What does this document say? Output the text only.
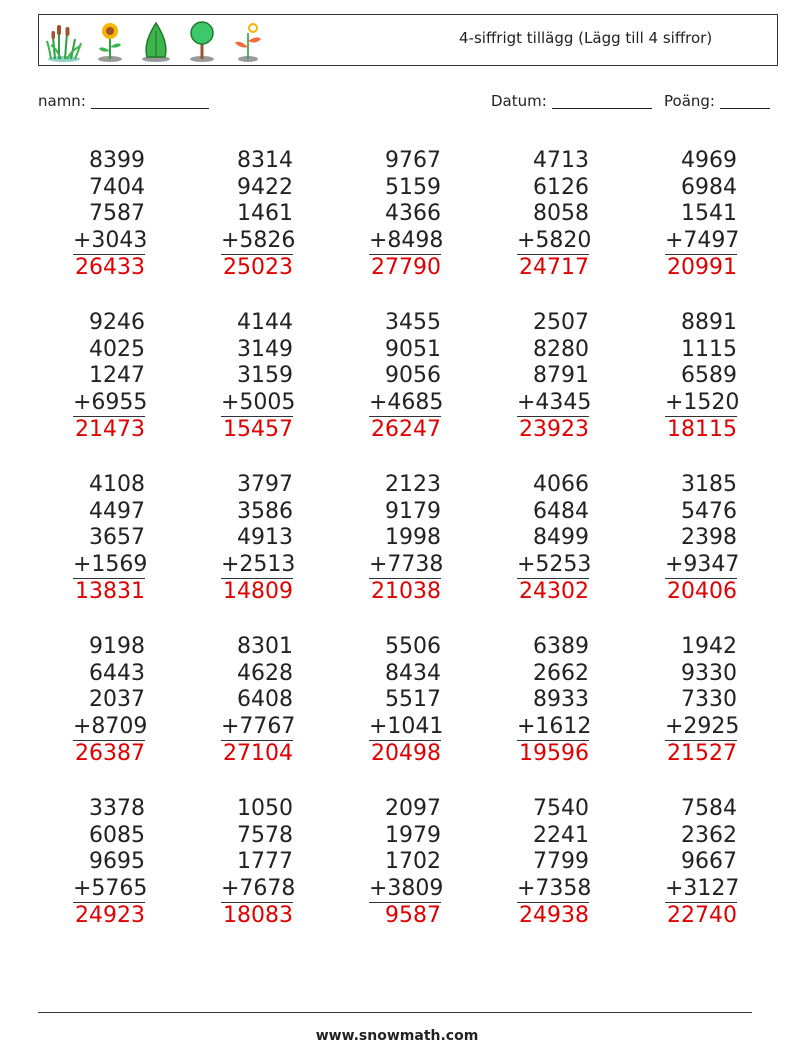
4-siffrigt tillägg (Lägg till 4 siffror)
namn:	Datum:	Poäng:
8399
7404
7587
+3043
26433
8314
9422
1461
+5826
25023
9767
5159
4366
+8498
27790
4713
6126
8058
+5820
24717
4969
6984
1541
+7497
20991
9246
4025
1247
+6955
21473
4144
3149
3159
+5005
15457
3455
9051
9056
+4685
26247
2507
8280
8791
+4345
23923
8891
1115
6589
+1520
18115
4108
4497
3657
+1569
13831
3797
3586
4913
+2513
14809
2123
9179
1998
+7738
21038
4066
6484
8499
+5253
24302
3185
5476
2398
+9347
20406
9198
6443
2037
+8709
26387
8301
4628
6408
+7767
27104
5506
8434
5517
+1041
20498
6389
2662
8933
+1612
19596
1942
9330
7330
+2925
21527
3378
6085
9695
+5765
24923
1050
7578
1777
+7678
18083
2097
1979
1702
+3809
9587
7540
2241
7799
+7358
24938
7584
2362
9667
+3127
22740
www.snowmath.com
